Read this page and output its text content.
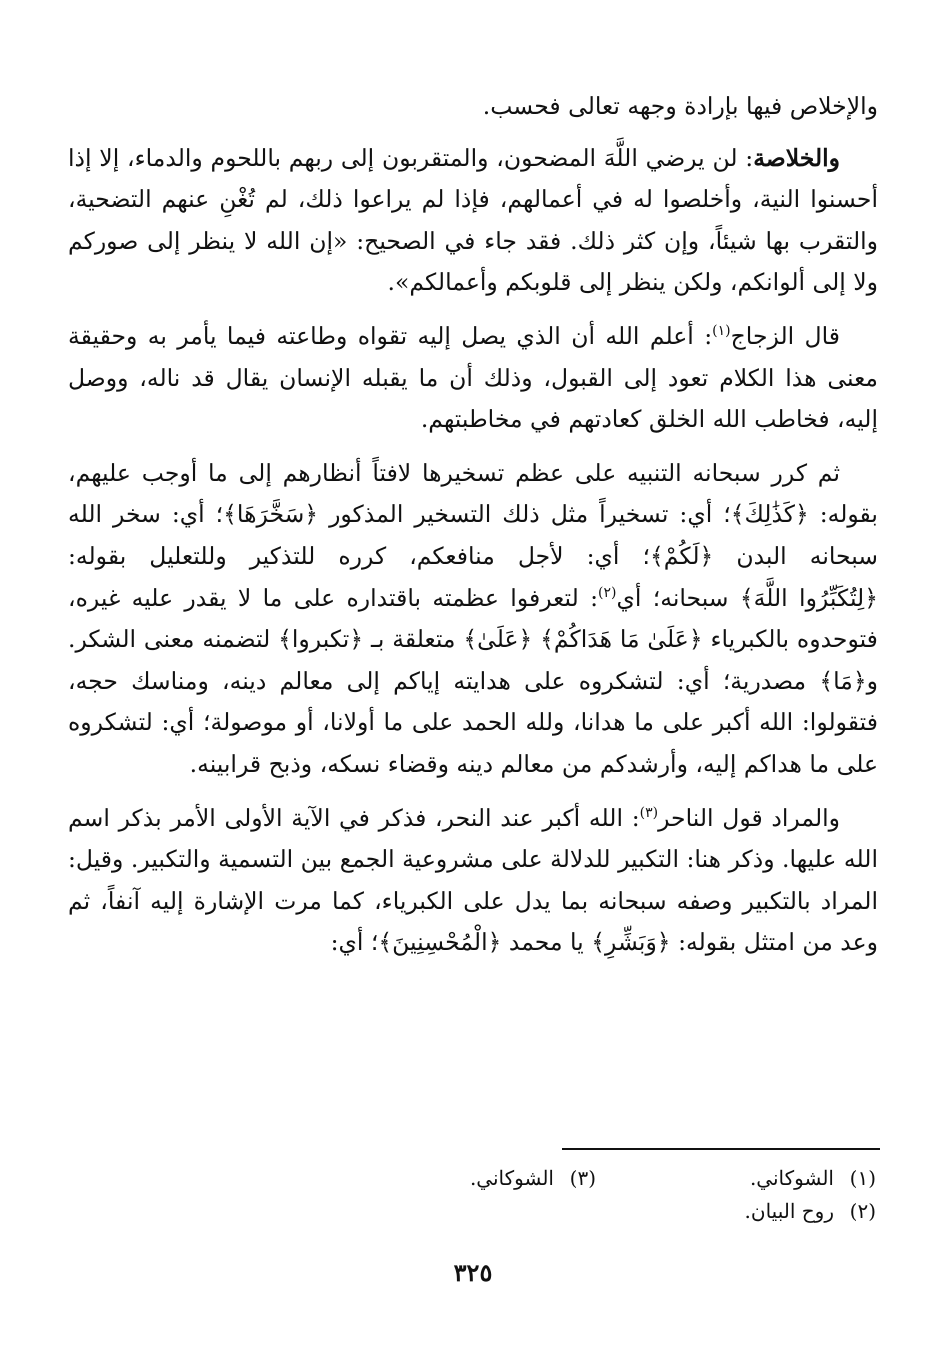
والإخلاص فيها بإرادة وجهه تعالى فحسب.

والخلاصة: لن يرضي اللَّهَ المضحون، والمتقربون إلى ربهم باللحوم والدماء، إلا إذا أحسنوا النية، وأخلصوا له في أعمالهم، فإذا لم يراعوا ذلك، لم تُغْنِ عنهم التضحية، والتقرب بها شيئاً، وإن كثر ذلك. فقد جاء في الصحيح: «إن الله لا ينظر إلى صوركم ولا إلى ألوانكم، ولكن ينظر إلى قلوبكم وأعمالكم».

قال الزجاج$^{(١)}$: أعلم الله أن الذي يصل إليه تقواه وطاعته فيما يأمر به وحقيقة معنى هذا الكلام تعود إلى القبول، وذلك أن ما يقبله الإنسان يقال قد ناله، ووصل إليه، فخاطب الله الخلق كعادتهم في مخاطبتهم.

ثم كرر سبحانه التنبيه على عظم تسخيرها لافتاً أنظارهم إلى ما أوجب عليهم، بقوله: ﴿كَذَٰلِكَ﴾؛ أي: تسخيراً مثل ذلك التسخير المذكور ﴿سَخَّرَهَا﴾؛ أي: سخر الله سبحانه البدن ﴿لَكُمْ﴾؛ أي: لأجل منافعكم، كرره للتذكير وللتعليل بقوله: ﴿لِتُكَبِّرُوا اللَّهَ﴾ سبحانه؛ أي$^{(٢)}$: لتعرفوا عظمته باقتداره على ما لا يقدر عليه غيره، فتوحدوه بالكبرياء ﴿عَلَىٰ مَا هَدَاكُمْ﴾ ﴿عَلَىٰ﴾ متعلقة بـ ﴿تكبروا﴾ لتضمنه معنى الشكر. و﴿مَا﴾ مصدرية؛ أي: لتشكروه على هدايته إياكم إلى معالم دينه، ومناسك حجه، فتقولوا: الله أكبر على ما هدانا، ولله الحمد على ما أولانا، أو موصولة؛ أي: لتشكروه على ما هداكم إليه، وأرشدكم من معالم دينه وقضاء نسكه، وذبح قرابينه.

والمراد قول الناحر$^{(٣)}$: الله أكبر عند النحر، فذكر في الآية الأولى الأمر بذكر اسم الله عليها. وذكر هنا: التكبير للدلالة على مشروعية الجمع بين التسمية والتكبير. وقيل: المراد بالتكبير وصفه سبحانه بما يدل على الكبرياء، كما مرت الإشارة إليه آنفاً، ثم وعد من امتثل بقوله: ﴿وَبَشِّرِ﴾ يا محمد ﴿الْمُحْسِنِينَ﴾؛ أي:

(١)
الشوكاني.
(٣)
الشوكاني.
(٢)
روح البيان.
٣٢٥
